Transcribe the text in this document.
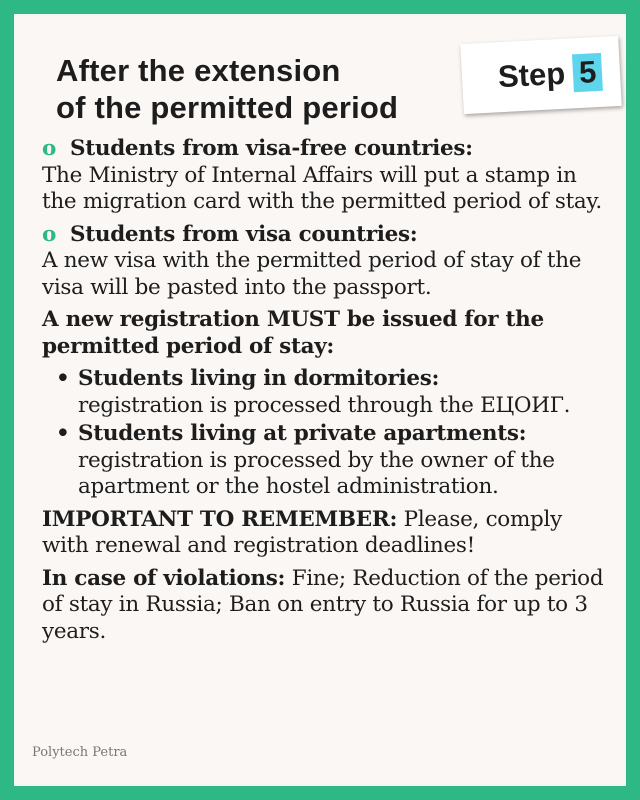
After the extension
of the permitted period
Step 5

o Students from visa-free countries:
The Ministry of Internal Affairs will put a stamp in the migration card with the permitted period of stay.

o Students from visa countries:
A new visa with the permitted period of stay of the visa will be pasted into the passport.

A new registration MUST be issued for the permitted period of stay:

• Students living in dormitories:
registration is processed through the ЕЦОИГ.
• Students living at private apartments:
registration is processed by the owner of the apartment or the hostel administration.

IMPORTANT TO REMEMBER: Please, comply with renewal and registration deadlines!

In case of violations: Fine; Reduction of the period of stay in Russia; Ban on entry to Russia for up to 3 years.

Polytech Petra
